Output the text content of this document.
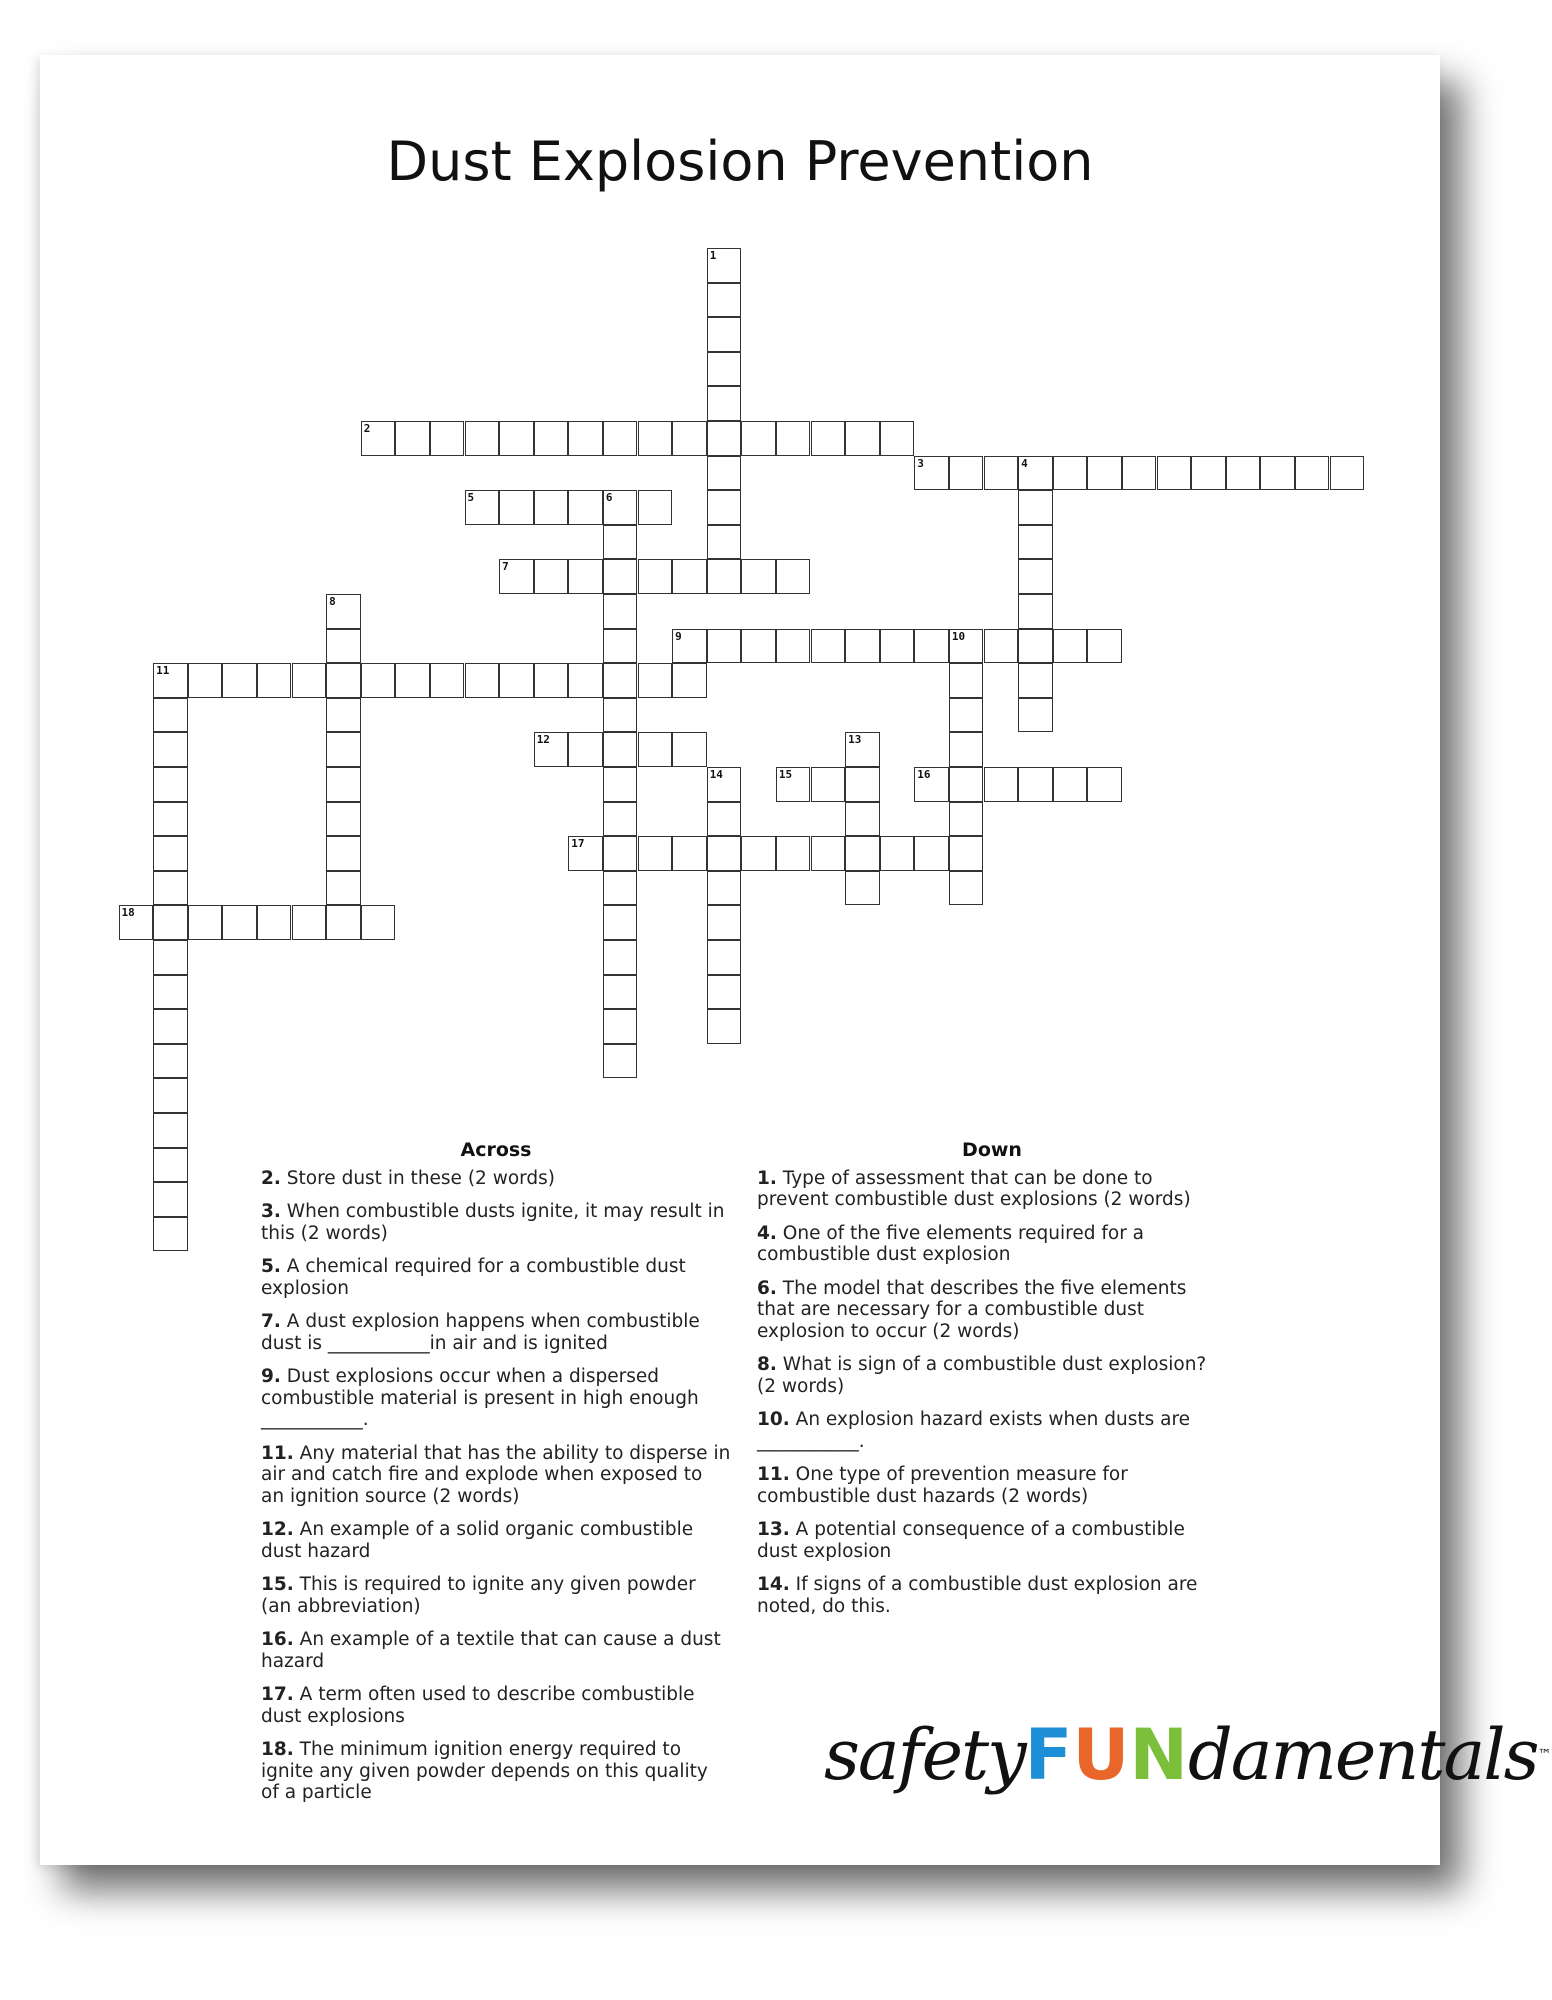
Dust Explosion Prevention
1
2
3	4
5	6
7
8
9	10
11
12	13
14	15	16
17
18
Across
2. Store dust in these (2 words)
3. When combustible dusts ignite, it may result in this (2 words)
5. A chemical required for a combustible dust explosion
7. A dust explosion happens when combustible dust is ___________in air and is ignited
9. Dust explosions occur when a dispersed combustible material is present in high enough ___________.
11. Any material that has the ability to disperse in air and catch fire and explode when exposed to an ignition source (2 words)
12. An example of a solid organic combustible dust hazard
15. This is required to ignite any given powder (an abbreviation)
16. An example of a textile that can cause a dust hazard
17. A term often used to describe combustible dust explosions
18. The minimum ignition energy required to ignite any given powder depends on this quality of a particle
Down
1. Type of assessment that can be done to prevent combustible dust explosions (2 words)
4. One of the five elements required for a combustible dust explosion
6. The model that describes the five elements that are necessary for a combustible dust explosion to occur (2 words)
8. What is sign of a combustible dust explosion? (2 words)
10. An explosion hazard exists when dusts are ___________.
11. One type of prevention measure for combustible dust hazards (2 words)
13. A potential consequence of a combustible dust explosion
14. If signs of a combustible dust explosion are noted, do this.
safetyFUNdamentals™
